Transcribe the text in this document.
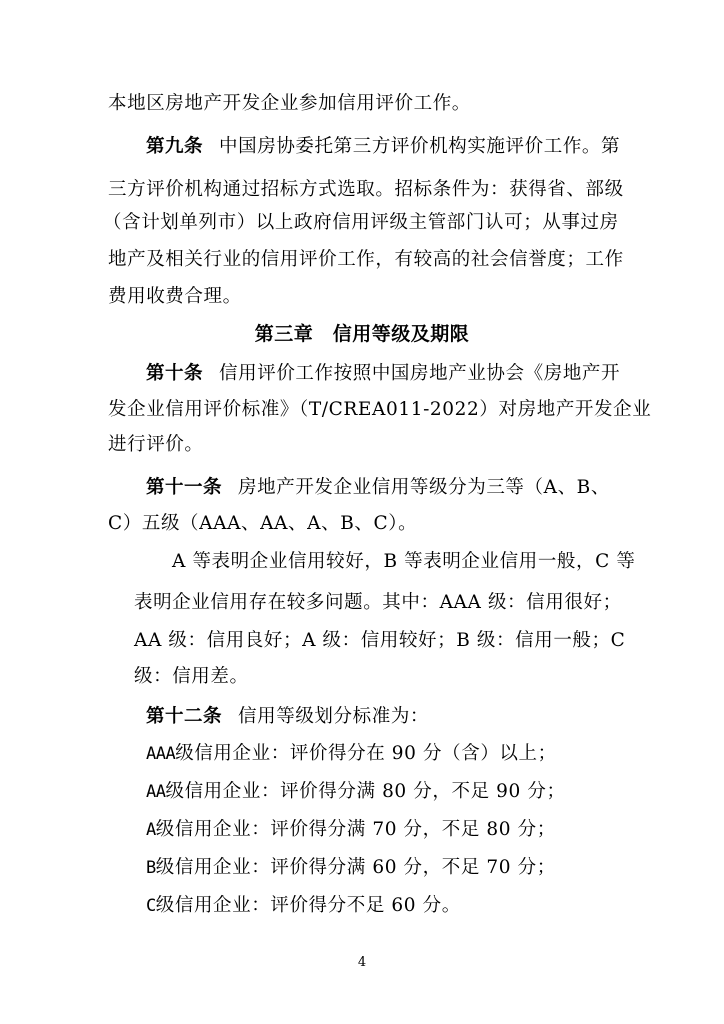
本地区房地产开发企业参加信用评价工作。
第九条 中国房协委托第三方评价机构实施评价工作。第
三方评价机构通过招标方式选取。招标条件为：获得省、部级
（含计划单列市）以上政府信用评级主管部门认可；从事过房
地产及相关行业的信用评价工作，有较高的社会信誉度；工作
费用收费合理。
第三章　信用等级及期限
第十条 信用评价工作按照中国房地产业协会《房地产开
发企业信用评价标准》（T/CREA011-2022）对房地产开发企业
进行评价。
第十一条 房地产开发企业信用等级分为三等（A、B、
C）五级（AAA、AA、A、B、C）。
A 等表明企业信用较好，B 等表明企业信用一般，C 等
表明企业信用存在较多问题。其中：AAA 级：信用很好；
AA 级：信用良好；A 级：信用较好；B 级：信用一般；C
级：信用差。
第十二条 信用等级划分标准为：
AAA级信用企业：评价得分在 90 分（含）以上；
AA级信用企业：评价得分满 80 分，不足 90 分；
A级信用企业：评价得分满 70 分，不足 80 分；
B级信用企业：评价得分满 60 分，不足 70 分；
C级信用企业：评价得分不足 60 分。
4
